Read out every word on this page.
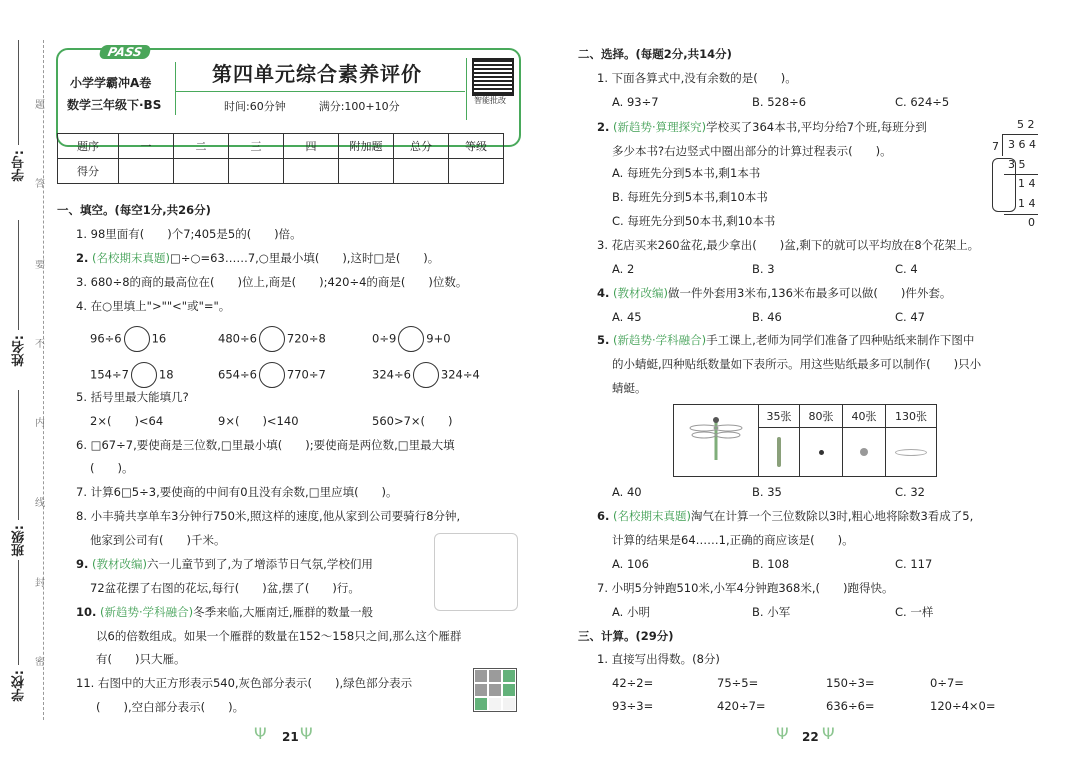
学号:
姓名:
班级:
学校:
题
答
要
不
内
线
封
密
PASS
小学学霸冲A卷
数学三年级下·BS
第四单元综合素养评价
时间:60分钟　　　	满分:100+10分	智能批改
题序	一	二	三	四	附加题	总分	等级
得分							
一、填空。(每空1分,共26分)
1. 98里面有(　　)个7;405是5的(　　)倍。
2. (名校期末真题)□÷○=63……7,○里最小填(　　),这时□是(　　)。
3. 680÷8的商的最高位在(　　)位上,商是(　　);420÷4的商是(　　)位数。
4. 在○里填上">""<"或"="。
96÷6	16	480÷6	720÷8	0÷9	9+0
154÷7	18	654÷6	770÷7	324÷6	324÷4
5. 括号里最大能填几?
2×(　　)<64	9×(　　)<140	560>7×(　　)
6. □67÷7,要使商是三位数,□里最小填(　　);要使商是两位数,□里最大填
(　　)。
7. 计算6□5÷3,要使商的中间有0且没有余数,□里应填(　　)。
8. 小丰骑共享单车3分钟行750米,照这样的速度,他从家到公司要骑行8分钟,
他家到公司有(　　)千米。
9. (教材改编)六一儿童节到了,为了增添节日气氛,学校们用
72盆花摆了右图的花坛,每行(　　)盆,摆了(　　)行。
10. (新趋势·学科融合)冬季来临,大雁南迁,雁群的数量一般
以6的倍数组成。如果一个雁群的数量在152～158只之间,那么这个雁群
有(　　)只大雁。
11. 右图中的大正方形表示540,灰色部分表示(　　),绿色部分表示
(　　),空白部分表示(　　)。
Ψ 21 Ψ
二、选择。(每题2分,共14分)
1. 下面各算式中,没有余数的是(　　)。
A. 93÷7	B. 528÷6	C. 624÷5
2. (新趋势·算理探究)学校买了364本书,平均分给7个班,每班分到
多少本书?右边竖式中圈出部分的计算过程表示(　　)。
A. 每班先分到5本书,剩1本书
B. 每班先分到5本书,剩10本书
C. 每班先分到50本书,剩10本书
5 2
7 3 6 4
3 5
1 4
1 4
0
3. 花店买来260盆花,最少拿出(　　)盆,剩下的就可以平均放在8个花架上。
A. 2	B. 3	C. 4
4. (教材改编)做一件外套用3米布,136米布最多可以做(　　)件外套。
A. 45	B. 46	C. 47
5. (新趋势·学科融合)手工课上,老师为同学们准备了四种贴纸来制作下图中
的小蜻蜓,四种贴纸数量如下表所示。用这些贴纸最多可以制作(　　)只小
蜻蜓。
	35张	80张	40张	130张

A. 40	B. 35	C. 32
6. (名校期末真题)淘气在计算一个三位数除以3时,粗心地将除数3看成了5,
计算的结果是64……1,正确的商应该是(　　)。
A. 106	B. 108	C. 117
7. 小明5分钟跑510米,小军4分钟跑368米,(　　)跑得快。
A. 小明	B. 小军	C. 一样
三、计算。(29分)
1. 直接写出得数。(8分)
42÷2=	75÷5=	150÷3=	0÷7=
93÷3=	420÷7=	636÷6=	120÷4×0=
Ψ 22 Ψ
